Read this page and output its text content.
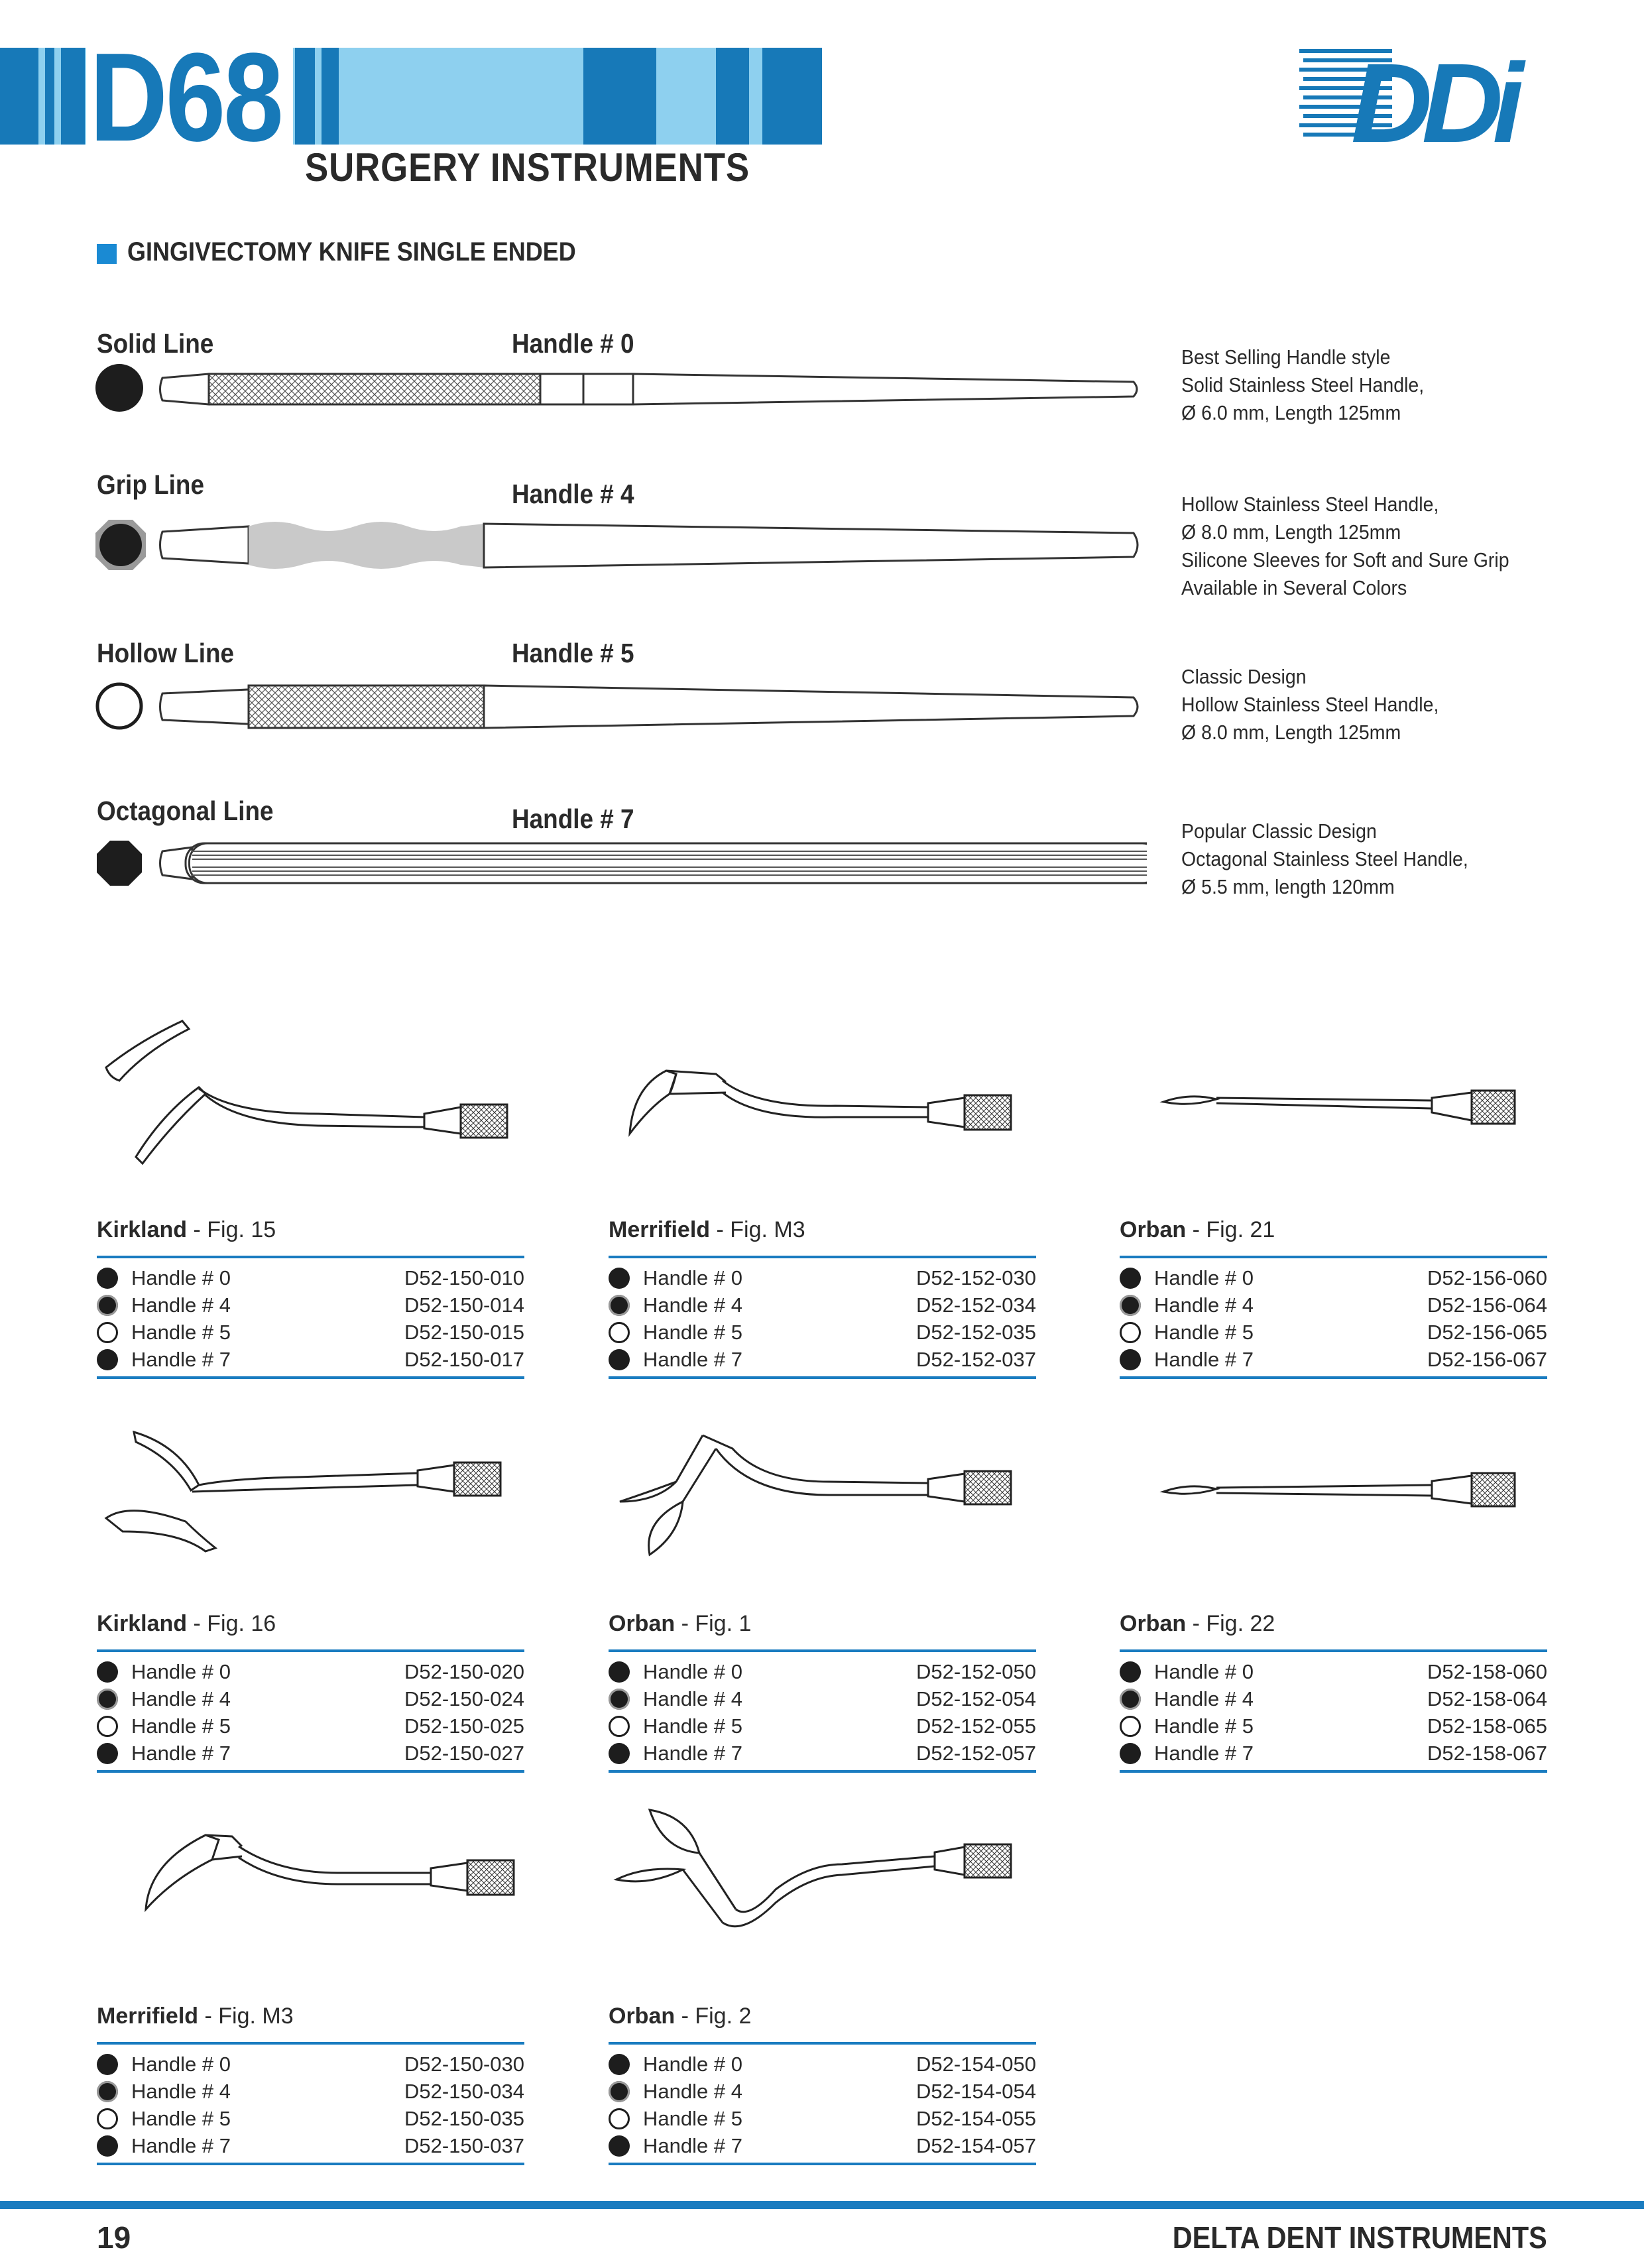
D68 SURGERY INSTRUMENTS
DDi
GINGIVECTOMY KNIFE SINGLE ENDED
Solid Line	Handle # 0	Best Selling Handle style
Solid Stainless Steel Handle,
Ø 6.0 mm, Length 125mm
Grip Line	Handle # 4	Hollow Stainless Steel Handle,
Ø 8.0 mm, Length 125mm
Silicone Sleeves for Soft and Sure Grip
Available in Several Colors
Hollow Line	Handle # 5
Classic Design
Hollow Stainless Steel Handle,
Ø 8.0 mm, Length 125mm
Octagonal Line	Handle # 7	Popular Classic Design
Octagonal Stainless Steel Handle,
Ø 5.5 mm, length 120mm
Kirkland - Fig. 15
Handle # 0	D52-150-010
Handle # 4	D52-150-014
Handle # 5	D52-150-015
Handle # 7	D52-150-017
Merrifield - Fig. M3
Handle # 0	D52-152-030
Handle # 4	D52-152-034
Handle # 5	D52-152-035
Handle # 7	D52-152-037
Orban - Fig. 21
Handle # 0	D52-156-060
Handle # 4	D52-156-064
Handle # 5	D52-156-065
Handle # 7	D52-156-067
Kirkland - Fig. 16
Handle # 0	D52-150-020
Handle # 4	D52-150-024
Handle # 5	D52-150-025
Handle # 7	D52-150-027
Orban - Fig. 1
Handle # 0	D52-152-050
Handle # 4	D52-152-054
Handle # 5	D52-152-055
Handle # 7	D52-152-057
Orban - Fig. 22
Handle # 0	D52-158-060
Handle # 4	D52-158-064
Handle # 5	D52-158-065
Handle # 7	D52-158-067
Merrifield - Fig. M3
Handle # 0	D52-150-030
Handle # 4	D52-150-034
Handle # 5	D52-150-035
Handle # 7	D52-150-037
Orban - Fig. 2
Handle # 0	D52-154-050
Handle # 4	D52-154-054
Handle # 5	D52-154-055
Handle # 7	D52-154-057
19	DELTA DENT INSTRUMENTS
